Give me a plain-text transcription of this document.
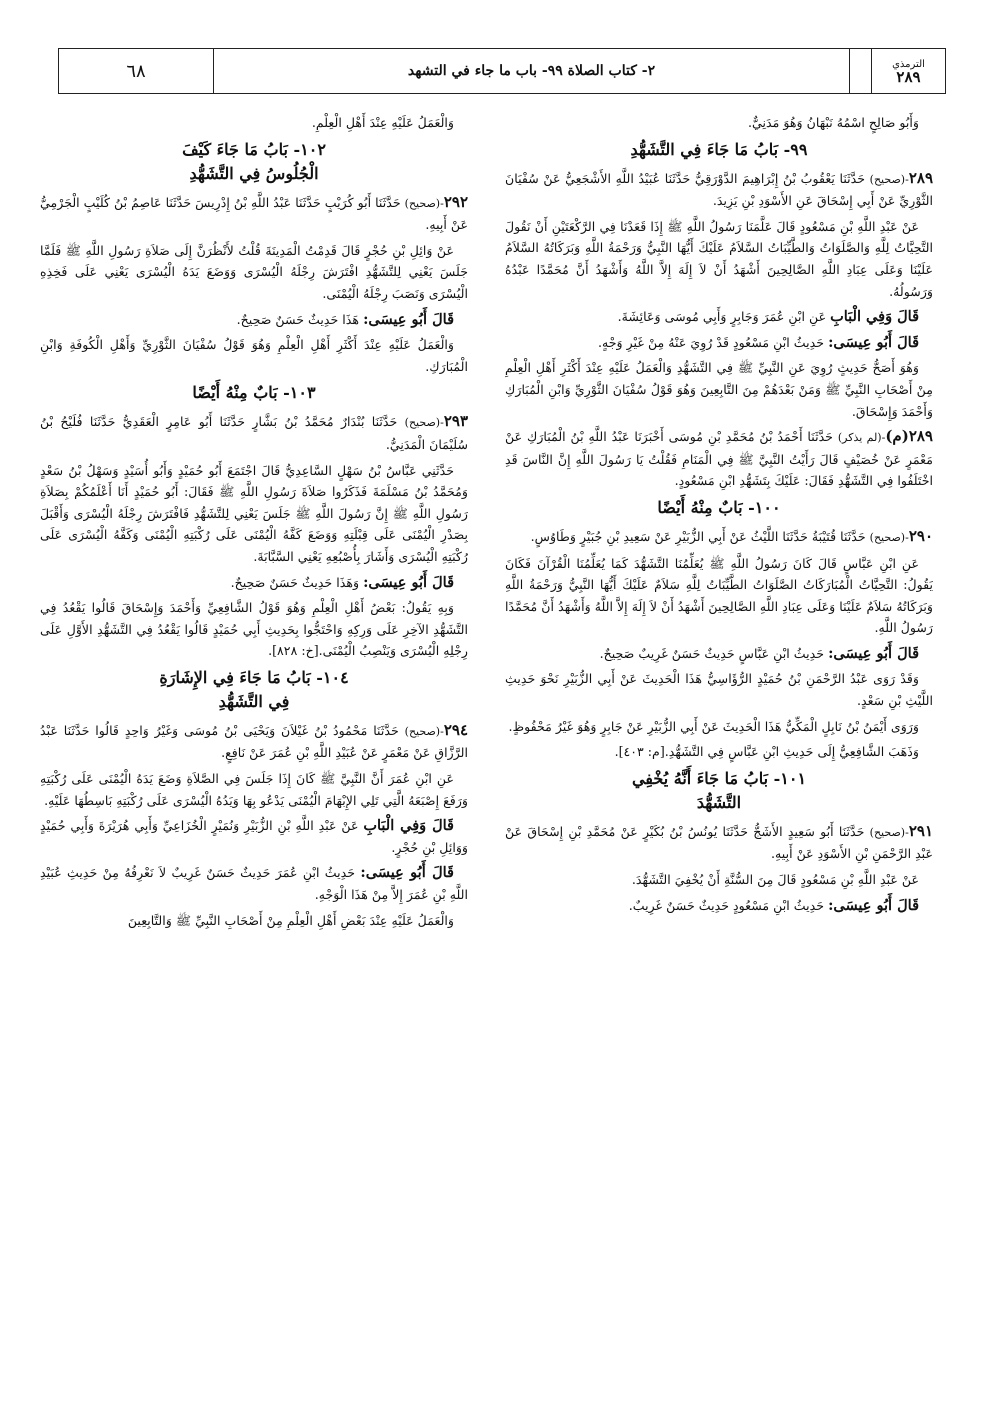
الترمذي
٢٨٩
٢- كتاب الصلاة ٩٩- باب ما جاء في التشهد
٦٨

وَأَبُو صَالِحٍ اسْمُهُ نَبْهَانُ وَهُوَ مَدَنِيٌّ.

٩٩- بَابُ مَا جَاءَ فِي التَّشَهُّدِ

٢٨٩-(صحيح) حَدَّثَنَا يَعْقُوبُ بْنُ إِبْرَاهِيمَ الدَّوْرَقِيُّ حَدَّثَنَا عُبَيْدُ اللَّهِ الأَشْجَعِيُّ عَنْ سُفْيَانَ الثَّوْرِيِّ عَنْ أَبِي إِسْحَاقَ عَنِ الأَسْوَدِ بْنِ يَزِيدَ.

عَنْ عَبْدِ اللَّهِ بْنِ مَسْعُودٍ قَالَ عَلَّمَنَا رَسُولُ اللَّهِ ﷺ إِذَا قَعَدْنَا فِي الرَّكْعَتَيْنِ أَنْ نَقُولَ التَّحِيَّاتُ لِلَّهِ وَالصَّلَوَاتُ وَالطَّيِّبَاتُ السَّلاَمُ عَلَيْكَ أَيُّهَا النَّبِيُّ وَرَحْمَةُ اللَّهِ وَبَرَكَاتُهُ السَّلاَمُ عَلَيْنَا وَعَلَى عِبَادِ اللَّهِ الصَّالِحِينَ أَشْهَدُ أَنْ لاَ إِلَهَ إِلاَّ اللَّهُ وَأَشْهَدُ أَنَّ مُحَمَّدًا عَبْدُهُ وَرَسُولُهُ.

قَالَ وَفِي الْبَابِ عَنِ ابْنِ عُمَرَ وَجَابِرٍ وَأَبِي مُوسَى وَعَائِشَةَ.

قَالَ أَبُو عِيسَى: حَدِيثُ ابْنِ مَسْعُودٍ قَدْ رُوِيَ عَنْهُ مِنْ غَيْرِ وَجْهٍ.

وَهُوَ أَصَحُّ حَدِيثٍ رُوِيَ عَنِ النَّبِيِّ ﷺ فِي التَّشَهُّدِ وَالْعَمَلُ عَلَيْهِ عِنْدَ أَكْثَرِ أَهْلِ الْعِلْمِ مِنْ أَصْحَابِ النَّبِيِّ ﷺ وَمَنْ بَعْدَهُمْ مِنَ التَّابِعِينَ وَهُوَ قَوْلُ سُفْيَانَ الثَّوْرِيِّ وَابْنِ الْمُبَارَكِ وَأَحْمَدَ وَإِسْحَاقَ.

٢٨٩(م)-(لم يذكر) حَدَّثَنَا أَحْمَدُ بْنُ مُحَمَّدِ بْنِ مُوسَى أَخْبَرَنَا عَبْدُ اللَّهِ بْنُ الْمُبَارَكِ عَنْ مَعْمَرٍ عَنْ خُصَيْفٍ قَالَ رَأَيْتُ النَّبِيَّ ﷺ فِي الْمَنَامِ فَقُلْتُ يَا رَسُولَ اللَّهِ إِنَّ النَّاسَ قَدِ اخْتَلَفُوا فِي التَّشَهُّدِ فَقَالَ: عَلَيْكَ بِتَشَهُّدِ ابْنِ مَسْعُودٍ.

١٠٠- بَابٌ مِنْهُ أَيْضًا

٢٩٠-(صحيح) حَدَّثَنَا قُتَيْبَةُ حَدَّثَنَا اللَّيْثُ عَنْ أَبِي الزُّبَيْرِ عَنْ سَعِيدِ بْنِ جُبَيْرٍ وَطَاوُسٍ.

عَنِ ابْنِ عَبَّاسٍ قَالَ كَانَ رَسُولُ اللَّهِ ﷺ يُعَلِّمُنَا التَّشَهُّدَ كَمَا يُعَلِّمُنَا الْقُرْآنَ فَكَانَ يَقُولُ: التَّحِيَّاتُ الْمُبَارَكَاتُ الصَّلَوَاتُ الطَّيِّبَاتُ لِلَّهِ سَلاَمٌ عَلَيْكَ أَيُّهَا النَّبِيُّ وَرَحْمَةُ اللَّهِ وَبَرَكَاتُهُ سَلاَمٌ عَلَيْنَا وَعَلَى عِبَادِ اللَّهِ الصَّالِحِينَ أَشْهَدُ أَنْ لاَ إِلَهَ إِلاَّ اللَّهُ وَأَشْهَدُ أَنَّ مُحَمَّدًا رَسُولُ اللَّهِ.

قَالَ أَبُو عِيسَى: حَدِيثُ ابْنِ عَبَّاسٍ حَدِيثٌ حَسَنٌ غَرِيبٌ صَحِيحٌ.

وَقَدْ رَوَى عَبْدُ الرَّحْمَنِ بْنُ حُمَيْدٍ الرُّؤَاسِيُّ هَذَا الْحَدِيثَ عَنْ أَبِي الزُّبَيْرِ نَحْوَ حَدِيثِ اللَّيْثِ بْنِ سَعْدٍ.

وَرَوَى أَيْمَنُ بْنُ نَابِلٍ الْمَكِّيُّ هَذَا الْحَدِيثَ عَنْ أَبِي الزُّبَيْرِ عَنْ جَابِرٍ وَهُوَ غَيْرُ مَحْفُوظٍ.

وَذَهَبَ الشَّافِعِيُّ إِلَى حَدِيثِ ابْنِ عَبَّاسٍ فِي التَّشَهُّدِ.[م: ٤٠٣].

١٠١- بَابُ مَا جَاءَ أَنَّهُ يُخْفِي
التَّشَهُّدَ

٢٩١-(صحيح) حَدَّثَنَا أَبُو سَعِيدٍ الأَشَجُّ حَدَّثَنَا يُونُسُ بْنُ بُكَيْرٍ عَنْ مُحَمَّدِ بْنِ إِسْحَاقَ عَنْ عَبْدِ الرَّحْمَنِ بْنِ الأَسْوَدِ عَنْ أَبِيهِ.

عَنْ عَبْدِ اللَّهِ بْنِ مَسْعُودٍ قَالَ مِنَ السُّنَّةِ أَنْ يُخْفِيَ التَّشَهُّدَ.

قَالَ أَبُو عِيسَى: حَدِيثُ ابْنِ مَسْعُودٍ حَدِيثٌ حَسَنٌ غَرِيبٌ.

وَالْعَمَلُ عَلَيْهِ عِنْدَ أَهْلِ الْعِلْمِ.

١٠٢- بَابُ مَا جَاءَ كَيْفَ
الْجُلُوسُ فِي التَّشَهُّدِ

٢٩٢-(صحيح) حَدَّثَنَا أَبُو كُرَيْبٍ حَدَّثَنَا عَبْدُ اللَّهِ بْنُ إِدْرِيسَ حَدَّثَنَا عَاصِمُ بْنُ كُلَيْبٍ الْجَرْمِيُّ عَنْ أَبِيهِ.

عَنْ وَائِلِ بْنِ حُجْرٍ قَالَ قَدِمْتُ الْمَدِينَةَ قُلْتُ لأَنْظُرَنَّ إِلَى صَلاَةِ رَسُولِ اللَّهِ ﷺ فَلَمَّا جَلَسَ يَعْنِي لِلتَّشَهُّدِ افْتَرَشَ رِجْلَهُ الْيُسْرَى وَوَضَعَ يَدَهُ الْيُسْرَى يَعْنِي عَلَى فَخِذِهِ الْيُسْرَى وَنَصَبَ رِجْلَهُ الْيُمْنَى.

قَالَ أَبُو عِيسَى: هَذَا حَدِيثٌ حَسَنٌ صَحِيحٌ.

وَالْعَمَلُ عَلَيْهِ عِنْدَ أَكْثَرِ أَهْلِ الْعِلْمِ وَهُوَ قَوْلُ سُفْيَانَ الثَّوْرِيِّ وَأَهْلِ الْكُوفَةِ وَابْنِ الْمُبَارَكِ.

١٠٣- بَابٌ مِنْهُ أَيْضًا

٢٩٣-(صحيح) حَدَّثَنَا بُنْدَارٌ مُحَمَّدُ بْنُ بَشَّارٍ حَدَّثَنَا أَبُو عَامِرٍ الْعَقَدِيُّ حَدَّثَنَا فُلَيْحُ بْنُ سُلَيْمَانَ الْمَدَنِيُّ.

حَدَّثَنِي عَبَّاسُ بْنُ سَهْلٍ السَّاعِدِيُّ قَالَ اجْتَمَعَ أَبُو حُمَيْدٍ وَأَبُو أُسَيْدٍ وَسَهْلُ بْنُ سَعْدٍ وَمُحَمَّدُ بْنُ مَسْلَمَةَ فَذَكَرُوا صَلاَةَ رَسُولِ اللَّهِ ﷺ فَقَالَ: أَبُو حُمَيْدٍ أَنَا أَعْلَمُكُمْ بِصَلاَةِ رَسُولِ اللَّهِ ﷺ إِنَّ رَسُولَ اللَّهِ ﷺ جَلَسَ يَعْنِي لِلتَّشَهُّدِ فَافْتَرَشَ رِجْلَهُ الْيُسْرَى وَأَقْبَلَ بِصَدْرِ الْيُمْنَى عَلَى قِبْلَتِهِ وَوَضَعَ كَفَّهُ الْيُمْنَى عَلَى رُكْبَتِهِ الْيُمْنَى وَكَفَّهُ الْيُسْرَى عَلَى رُكْبَتِهِ الْيُسْرَى وَأَشَارَ بِأُصْبُعِهِ يَعْنِي السَّبَّابَةَ.

قَالَ أَبُو عِيسَى: وَهَذَا حَدِيثٌ حَسَنٌ صَحِيحٌ.

وَبِهِ يَقُولُ: بَعْضُ أَهْلِ الْعِلْمِ وَهُوَ قَوْلُ الشَّافِعِيِّ وَأَحْمَدَ وَإِسْحَاقَ قَالُوا يَقْعُدُ فِي التَّشَهُّدِ الآخِرِ عَلَى وَرِكِهِ وَاحْتَجُّوا بِحَدِيثِ أَبِي حُمَيْدٍ قَالُوا يَقْعُدُ فِي التَّشَهُّدِ الأَوَّلِ عَلَى رِجْلِهِ الْيُسْرَى وَيَنْصِبُ الْيُمْنَى.[خ: ٨٢٨].

١٠٤- بَابُ مَا جَاءَ فِي الإِشَارَةِ
فِي التَّشَهُّدِ

٢٩٤-(صحيح) حَدَّثَنَا مَحْمُودُ بْنُ غَيْلاَنَ وَيَحْيَى بْنُ مُوسَى وَغَيْرُ وَاحِدٍ قَالُوا حَدَّثَنَا عَبْدُ الرَّزَّاقِ عَنْ مَعْمَرٍ عَنْ عُبَيْدِ اللَّهِ بْنِ عُمَرَ عَنْ نَافِعٍ.

عَنِ ابْنِ عُمَرَ أَنَّ النَّبِيَّ ﷺ كَانَ إِذَا جَلَسَ فِي الصَّلاَةِ وَضَعَ يَدَهُ الْيُمْنَى عَلَى رُكْبَتِهِ وَرَفَعَ إِصْبَعَهُ الَّتِي تَلِي الإِبْهَامَ الْيُمْنَى يَدْعُو بِهَا وَيَدُهُ الْيُسْرَى عَلَى رُكْبَتِهِ بَاسِطُهَا عَلَيْهِ.

قَالَ وَفِي الْبَابِ عَنْ عَبْدِ اللَّهِ بْنِ الزُّبَيْرِ وَنُمَيْرٍ الْخُزَاعِيِّ وَأَبِي هُرَيْرَةَ وَأَبِي حُمَيْدٍ وَوَائِلِ بْنِ حُجْرٍ.

قَالَ أَبُو عِيسَى: حَدِيثُ ابْنِ عُمَرَ حَدِيثٌ حَسَنٌ غَرِيبٌ لاَ نَعْرِفُهُ مِنْ حَدِيثِ عُبَيْدِ اللَّهِ بْنِ عُمَرَ إِلاَّ مِنْ هَذَا الْوَجْهِ.

وَالْعَمَلُ عَلَيْهِ عِنْدَ بَعْضِ أَهْلِ الْعِلْمِ مِنْ أَصْحَابِ النَّبِيِّ ﷺ وَالتَّابِعِينَ
